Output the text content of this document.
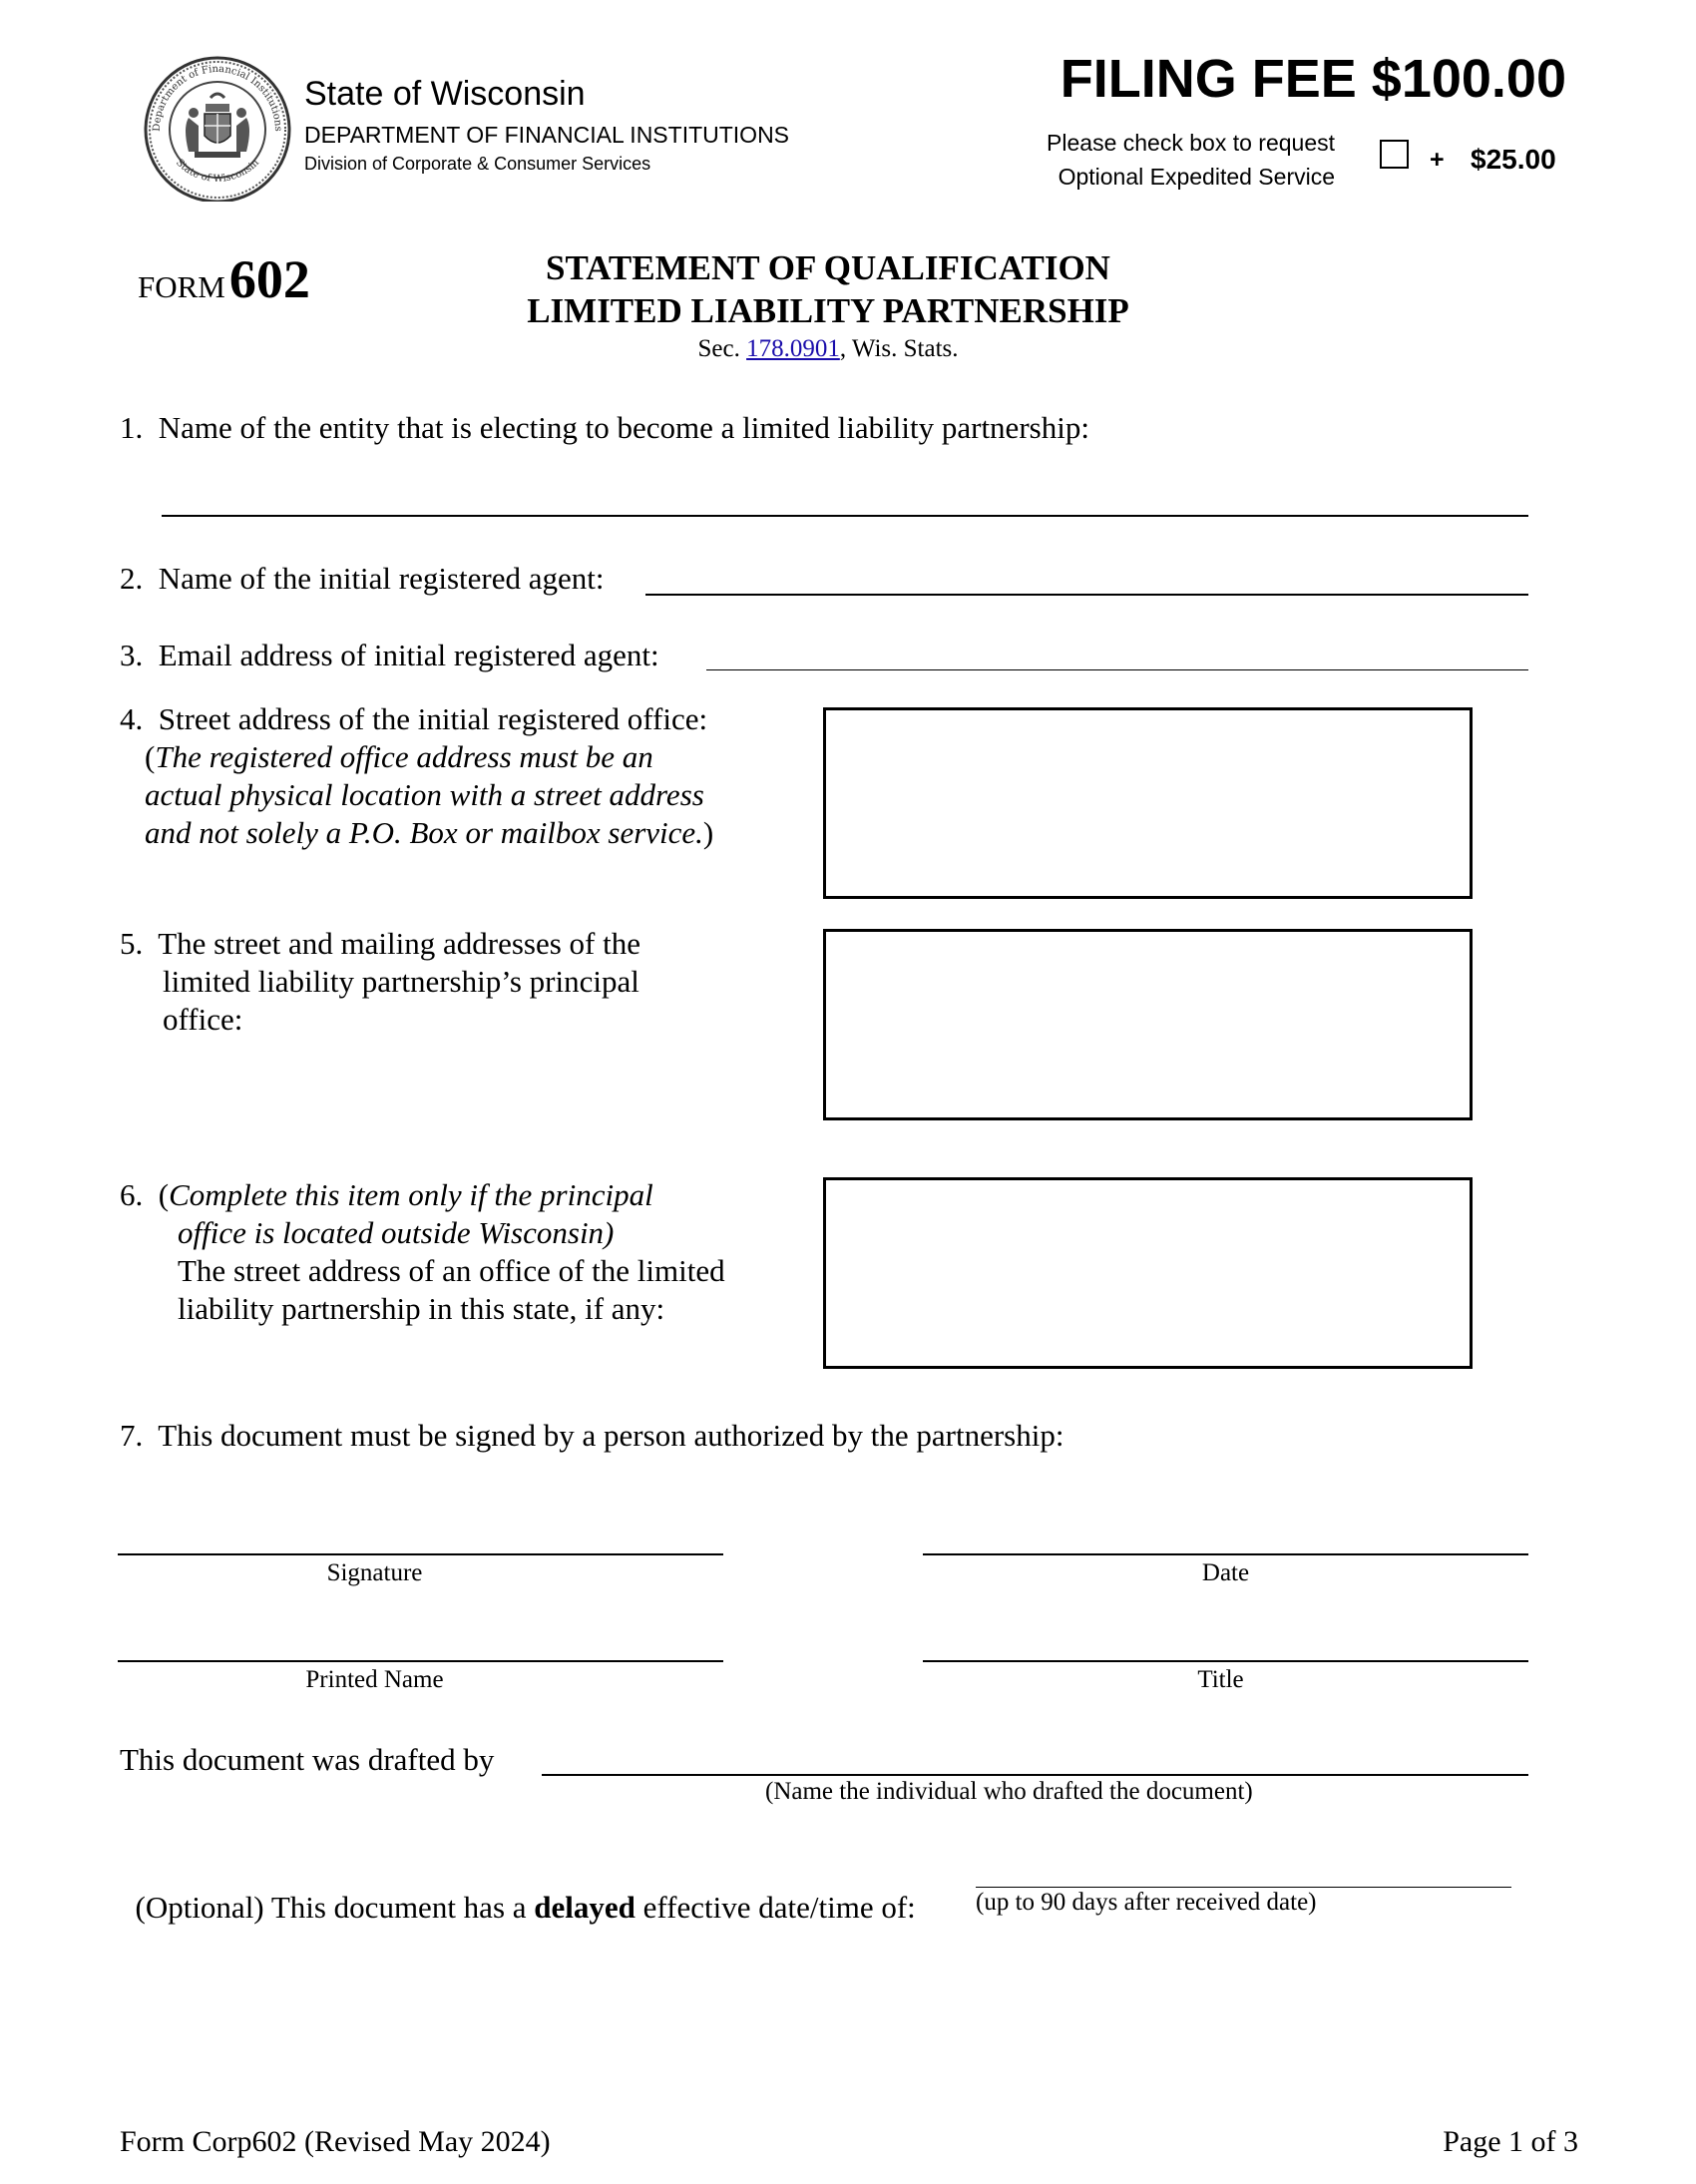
Department of Financial Institutions
State of Wisconsin
State of Wisconsin
DEPARTMENT OF FINANCIAL INSTITUTIONS
Division of Corporate & Consumer Services
FILING FEE $100.00
Please check box to request
Optional Expedited Service
+ $25.00
FORM 602	STATEMENT OF QUALIFICATION
LIMITED LIABILITY PARTNERSHIP
Sec. 178.0901, Wis. Stats.
1.  Name of the entity that is electing to become a limited liability partnership:
2.  Name of the initial registered agent:
3.  Email address of initial registered agent:
4.  Street address of the initial registered office:
(The registered office address must be an
actual physical location with a street address
and not solely a P.O. Box or mailbox service.)
5.  The street and mailing addresses of the
limited liability partnership’s principal
office:
6.  (Complete this item only if the principal
office is located outside Wisconsin)
The street address of an office of the limited
liability partnership in this state, if any:
7.  This document must be signed by a person authorized by the partnership:
Signature	Date
Printed Name	Title
This document was drafted by
(Name the individual who drafted the document)

(Optional) This document has a delayed effective date/time of: (up to 90 days after received date)
Form Corp602 (Revised May 2024)	Page 1 of 3
